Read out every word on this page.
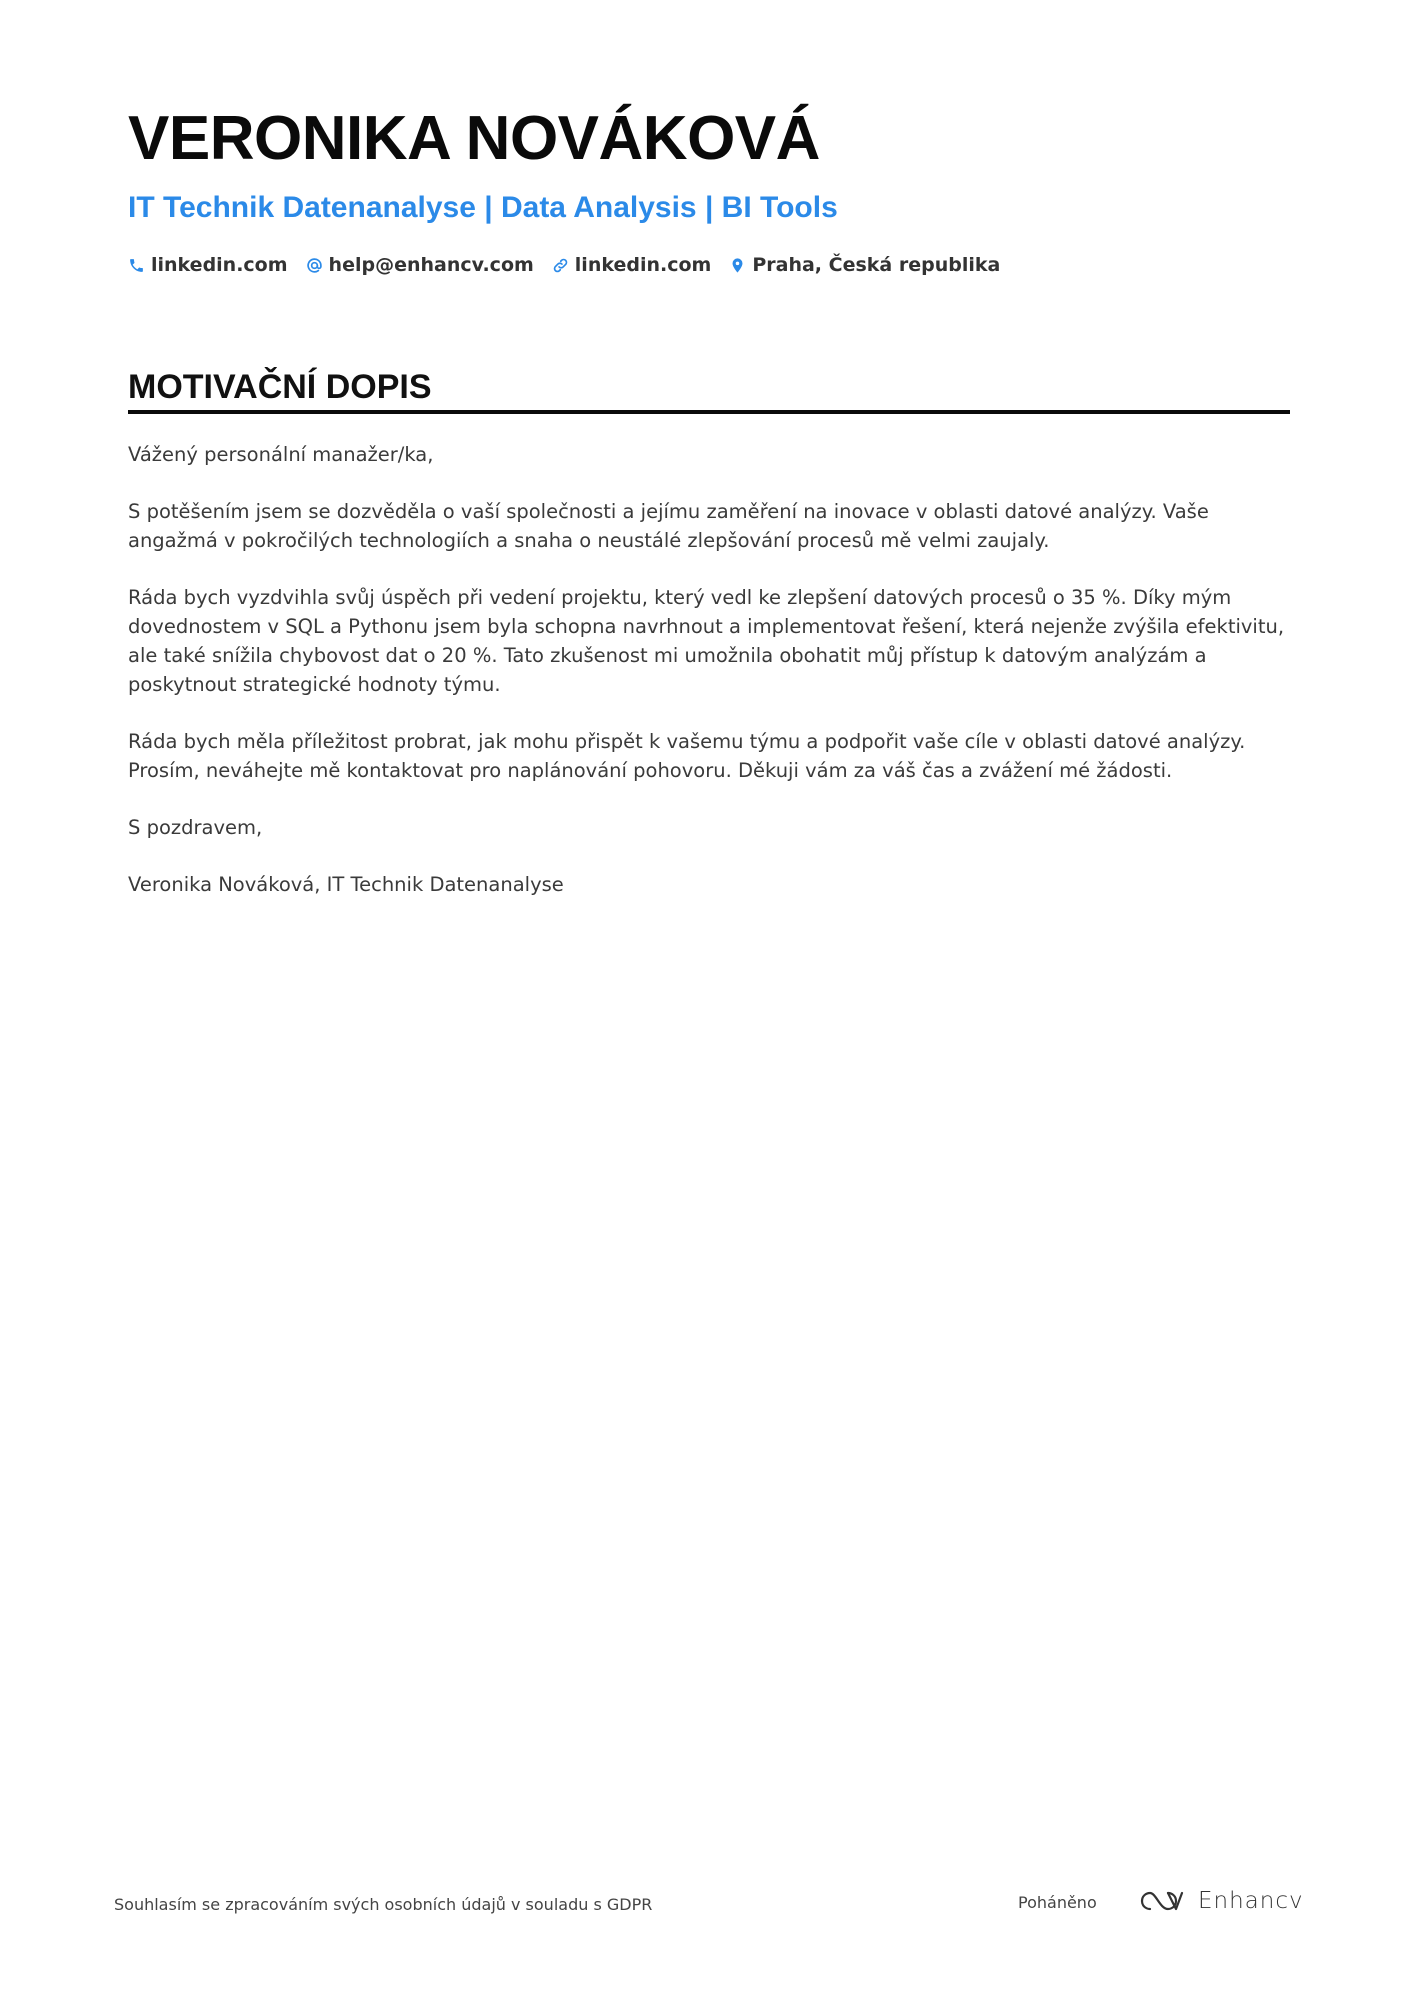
VERONIKA NOVÁKOVÁ
IT Technik Datenanalyse | Data Analysis | BI Tools
linkedin.com help@enhancv.com linkedin.com Praha, Česká republika
MOTIVAČNÍ DOPIS

Vážený personální manažer/ka,

S potěšením jsem se dozvěděla o vaší společnosti a jejímu zaměření na inovace v oblasti datové analýzy. Vaše angažmá v pokročilých technologiích a snaha o neustálé zlepšování procesů mě velmi zaujaly.

Ráda bych vyzdvihla svůj úspěch při vedení projektu, který vedl ke zlepšení datových procesů o 35 %. Díky mým dovednostem v SQL a Pythonu jsem byla schopna navrhnout a implementovat řešení, která nejenže zvýšila efektivitu, ale také snížila chybovost dat o 20 %. Tato zkušenost mi umožnila obohatit můj přístup k datovým analýzám a poskytnout strategické hodnoty týmu.

Ráda bych měla příležitost probrat, jak mohu přispět k vašemu týmu a podpořit vaše cíle v oblasti datové analýzy. Prosím, neváhejte mě kontaktovat pro naplánování pohovoru. Děkuji vám za váš čas a zvážení mé žádosti.

S pozdravem,

Veronika Nováková, IT Technik Datenanalyse

Souhlasím se zpracováním svých osobních údajů v souladu s GDPR	Poháněno	Enhancv
